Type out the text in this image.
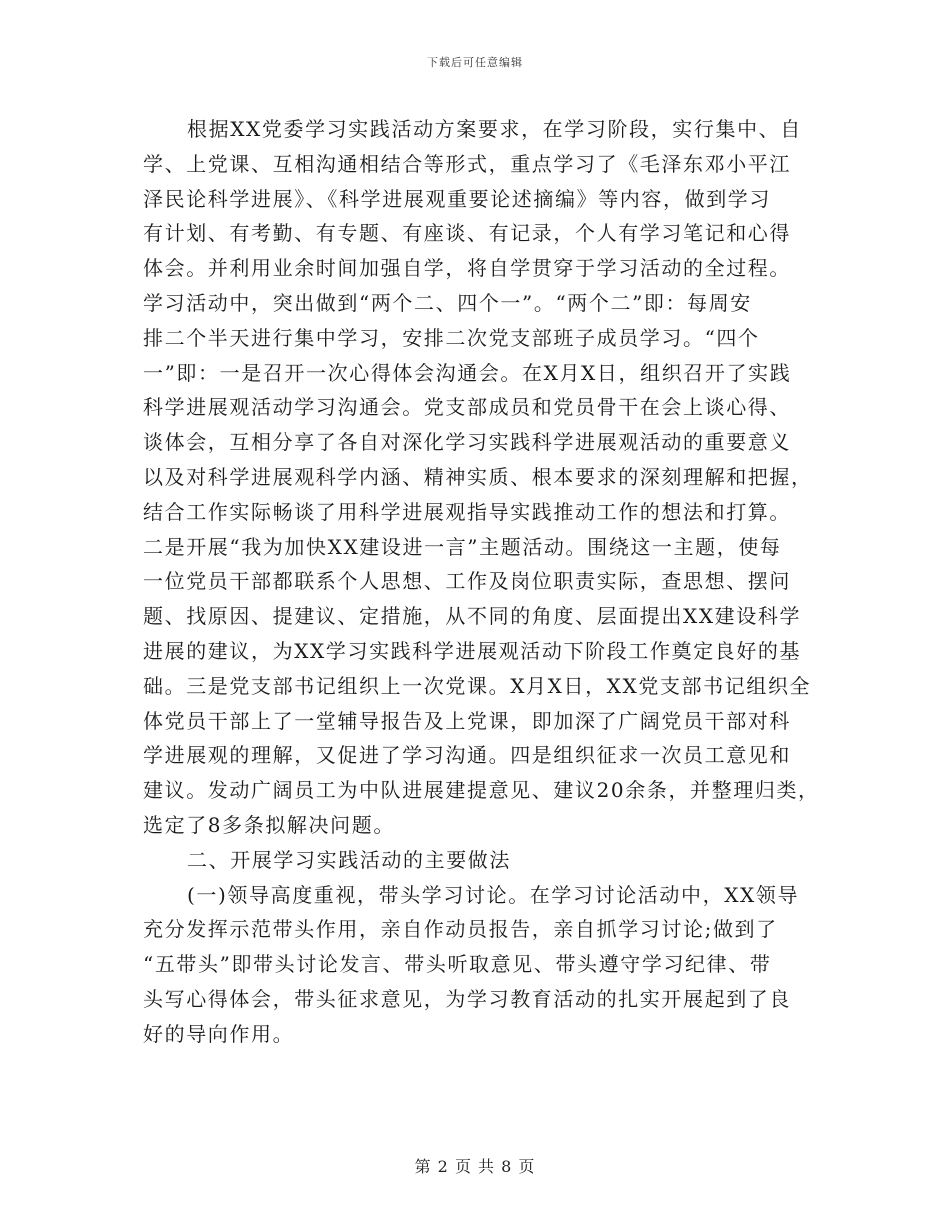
下载后可任意编辑
根据XX党委学习实践活动方案要求，在学习阶段，实行集中、自
学、上党课、互相沟通相结合等形式，重点学习了《毛泽东邓小平江
泽民论科学进展》、《科学进展观重要论述摘编》等内容，做到学习
有计划、有考勤、有专题、有座谈、有记录，个人有学习笔记和心得
体会。并利用业余时间加强自学，将自学贯穿于学习活动的全过程。
学习活动中，突出做到“两个二、四个一”。“两个二”即：每周安
排二个半天进行集中学习，安排二次党支部班子成员学习。“四个
一”即：一是召开一次心得体会沟通会。在X月X日，组织召开了实践
科学进展观活动学习沟通会。党支部成员和党员骨干在会上谈心得、
谈体会，互相分享了各自对深化学习实践科学进展观活动的重要意义
以及对科学进展观科学内涵、精神实质、根本要求的深刻理解和把握，
结合工作实际畅谈了用科学进展观指导实践推动工作的想法和打算。
二是开展“我为加快XX建设进一言”主题活动。围绕这一主题，使每
一位党员干部都联系个人思想、工作及岗位职责实际，查思想、摆问
题、找原因、提建议、定措施，从不同的角度、层面提出XX建设科学
进展的建议，为XX学习实践科学进展观活动下阶段工作奠定良好的基
础。三是党支部书记组织上一次党课。X月X日，XX党支部书记组织全
体党员干部上了一堂辅导报告及上党课，即加深了广阔党员干部对科
学进展观的理解，又促进了学习沟通。四是组织征求一次员工意见和
建议。发动广阔员工为中队进展建提意见、建议20余条，并整理归类，
选定了8多条拟解决问题。
二、开展学习实践活动的主要做法
(一)领导高度重视，带头学习讨论。在学习讨论活动中，XX领导
充分发挥示范带头作用，亲自作动员报告，亲自抓学习讨论;做到了
“五带头”即带头讨论发言、带头听取意见、带头遵守学习纪律、带
头写心得体会，带头征求意见，为学习教育活动的扎实开展起到了良
好的导向作用。
第 2 页 共 8 页
